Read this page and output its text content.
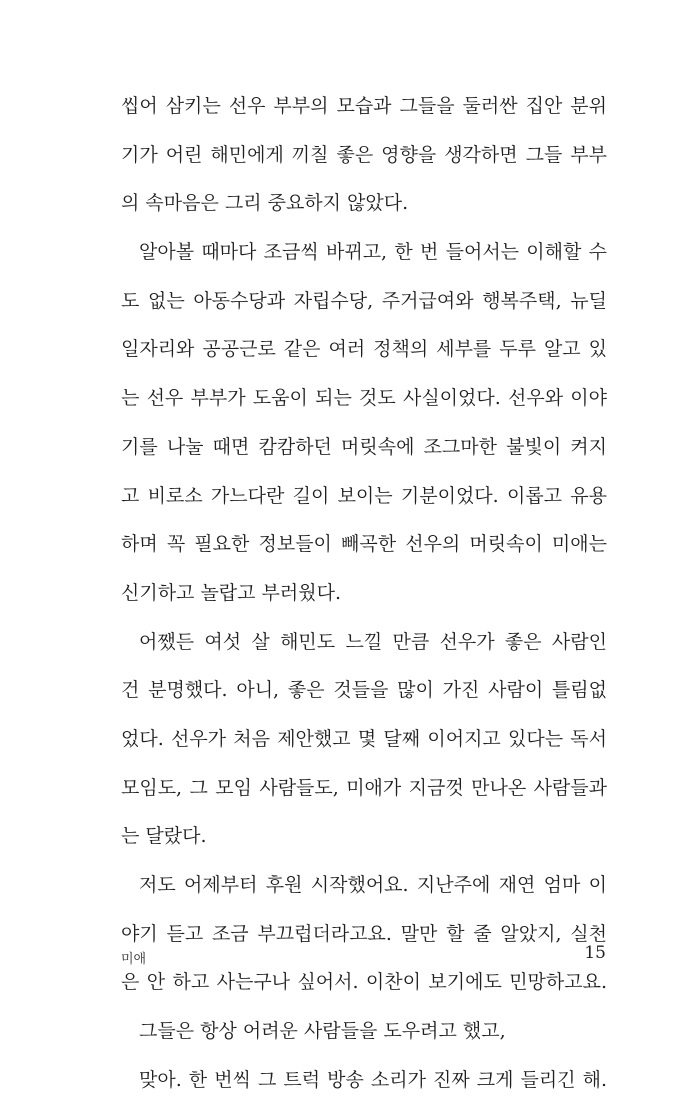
씹어 삼키는 선우 부부의 모습과 그들을 둘러싼 집안 분위
기가 어린 해민에게 끼칠 좋은 영향을 생각하면 그들 부부
의 속마음은 그리 중요하지 않았다.
알아볼 때마다 조금씩 바뀌고, 한 번 들어서는 이해할 수
도 없는 아동수당과 자립수당, 주거급여와 행복주택, 뉴딜
일자리와 공공근로 같은 여러 정책의 세부를 두루 알고 있
는 선우 부부가 도움이 되는 것도 사실이었다. 선우와 이야
기를 나눌 때면 캄캄하던 머릿속에 조그마한 불빛이 켜지
고 비로소 가느다란 길이 보이는 기분이었다. 이롭고 유용
하며 꼭 필요한 정보들이 빼곡한 선우의 머릿속이 미애는
신기하고 놀랍고 부러웠다.
어쨌든 여섯 살 해민도 느낄 만큼 선우가 좋은 사람인
건 분명했다. 아니, 좋은 것들을 많이 가진 사람이 틀림없
었다. 선우가 처음 제안했고 몇 달째 이어지고 있다는 독서
모임도, 그 모임 사람들도, 미애가 지금껏 만나온 사람들과
는 달랐다.
저도 어제부터 후원 시작했어요. 지난주에 재연 엄마 이
야기 듣고 조금 부끄럽더라고요. 말만 할 줄 알았지, 실천
은 안 하고 사는구나 싶어서. 이찬이 보기에도 민망하고요.
그들은 항상 어려운 사람들을 도우려고 했고,
맞아. 한 번씩 그 트럭 방송 소리가 진짜 크게 들리긴 해.
미애	15
